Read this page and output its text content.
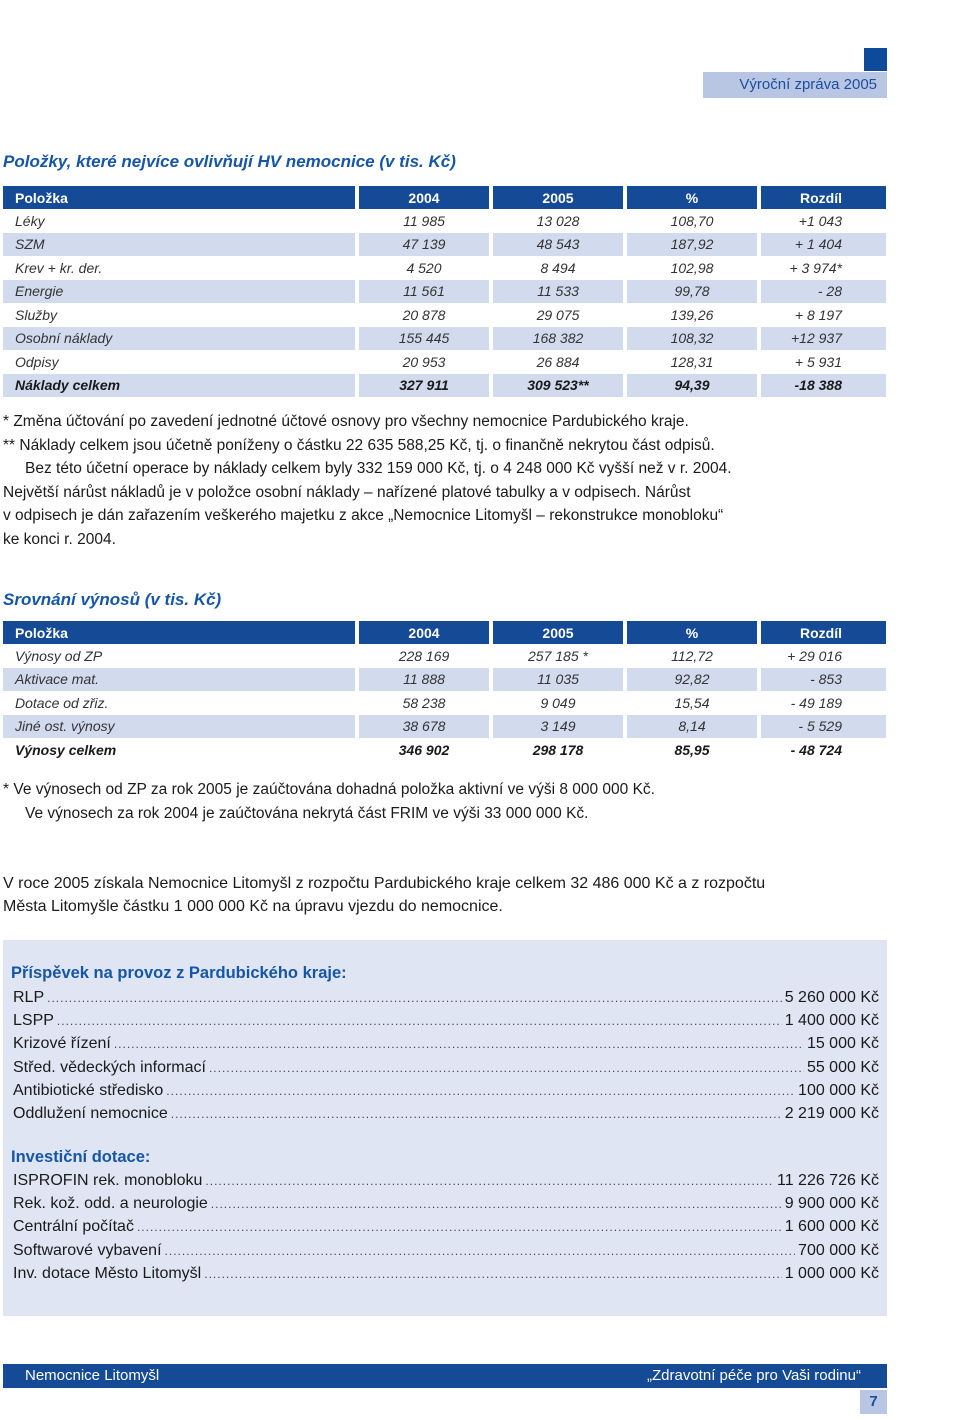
Výroční zpráva 2005
Položky, které nejvíce ovlivňují HV nemocnice (v tis. Kč)
Položka		2004		2005		%		Rozdíl
Léky		11 985		13 028		108,70		+1 043
SZM		47 139		48 543		187,92		+ 1 404
Krev + kr. der.		4 520		8 494		102,98		+ 3 974*
Energie		11 561		11 533		99,78		- 28
Služby		20 878		29 075		139,26		+ 8 197
Osobní náklady		155 445		168 382		108,32		+12 937
Odpisy		20 953		26 884		128,31		+ 5 931
Náklady celkem		327 911		309 523**		94,39		-18 388
* Změna účtování po zavedení jednotné účtové osnovy pro všechny nemocnice Pardubického kraje.
** Náklady celkem jsou účetně poníženy o částku 22 635 588,25 Kč, tj. o finančně nekrytou část odpisů.
Bez této účetní operace by náklady celkem byly 332 159 000 Kč, tj. o 4 248 000 Kč vyšší než v r. 2004.
Největší nárůst nákladů je v položce osobní náklady – nařízené platové tabulky a v odpisech. Nárůst
v odpisech je dán zařazením veškerého majetku z akce „Nemocnice Litomyšl – rekonstrukce monobloku“
ke konci r. 2004.
Srovnání výnosů (v tis. Kč)
Položka		2004		2005		%		Rozdíl
Výnosy od ZP		228 169		257 185 *		112,72		+ 29 016
Aktivace mat.		11 888		11 035		92,82		- 853
Dotace od zřiz.		58 238		9 049		15,54		- 49 189
Jiné ost. výnosy		38 678		3 149		8,14		- 5 529
Výnosy celkem		346 902		298 178		85,95		- 48 724
* Ve výnosech od ZP za rok 2005 je zaúčtována dohadná položka aktivní ve výši 8 000 000 Kč.
Ve výnosech za rok 2004 je zaúčtována nekrytá část FRIM ve výši 33 000 000 Kč.
V roce 2005 získala Nemocnice Litomyšl z rozpočtu Pardubického kraje celkem 32 486 000 Kč a z rozpočtu
Města Litomyšle částku 1 000 000 Kč na úpravu vjezdu do nemocnice.
Příspěvek na provoz z Pardubického kraje:
RLP .....	5 260 000 Kč
LSPP .....	1 400 000 Kč
Krizové řízení .....	15 000 Kč
Střed. vědeckých informací .....	55 000 Kč
Antibiotické středisko .....	100 000 Kč
Oddlužení nemocnice .....	2 219 000 Kč
Investiční dotace:
ISPROFIN rek. monobloku .....	11 226 726 Kč
Rek. kož. odd. a neurologie .....	9 900 000 Kč
Centrální počítač .....	1 600 000 Kč
Softwarové vybavení .....	700 000 Kč
Inv. dotace Město Litomyšl .....	1 000 000 Kč
Nemocnice Litomyšl	„Zdravotní péče pro Vaši rodinu“
7
